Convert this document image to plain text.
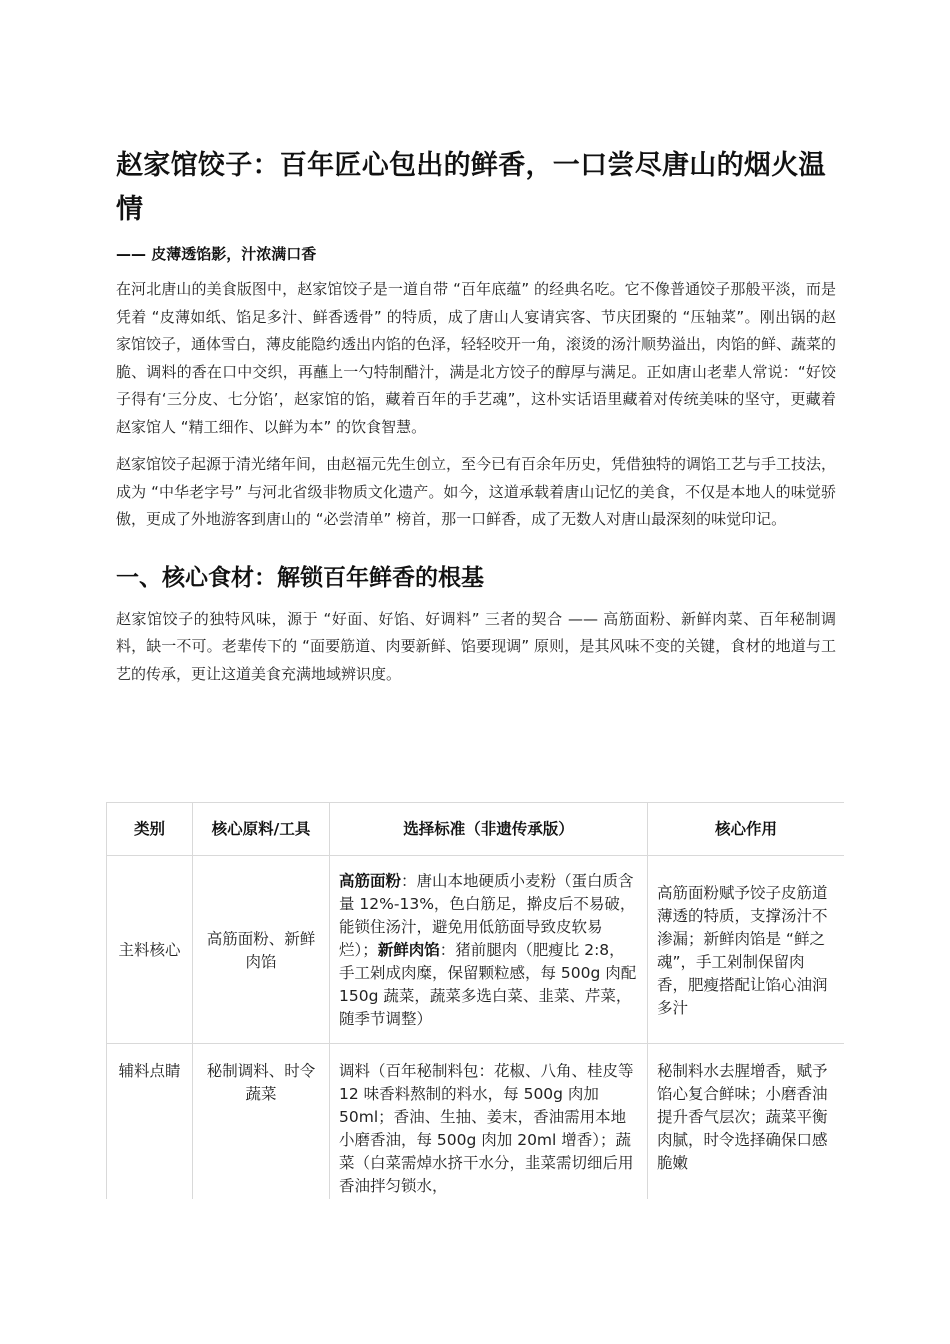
赵家馆饺子：百年匠心包出的鲜香，一口尝尽唐山的烟火温情
—— 皮薄透馅影，汁浓满口香

在河北唐山的美食版图中，赵家馆饺子是一道自带 “百年底蕴” 的经典名吃。它不像普通饺子那般平淡，而是凭着 “皮薄如纸、馅足多汁、鲜香透骨” 的特质，成了唐山人宴请宾客、节庆团聚的 “压轴菜”。刚出锅的赵家馆饺子，通体雪白，薄皮能隐约透出内馅的色泽，轻轻咬开一角，滚烫的汤汁顺势溢出，肉馅的鲜、蔬菜的脆、调料的香在口中交织，再蘸上一勺特制醋汁，满是北方饺子的醇厚与满足。正如唐山老辈人常说：“好饺子得有‘三分皮、七分馅’，赵家馆的馅，藏着百年的手艺魂”，这朴实话语里藏着对传统美味的坚守，更藏着赵家馆人 “精工细作、以鲜为本” 的饮食智慧。

赵家馆饺子起源于清光绪年间，由赵福元先生创立，至今已有百余年历史，凭借独特的调馅工艺与手工技法，成为 “中华老字号” 与河北省级非物质文化遗产。如今，这道承载着唐山记忆的美食，不仅是本地人的味觉骄傲，更成了外地游客到唐山的 “必尝清单” 榜首，那一口鲜香，成了无数人对唐山最深刻的味觉印记。

一、核心食材：解锁百年鲜香的根基

赵家馆饺子的独特风味，源于 “好面、好馅、好调料” 三者的契合 —— 高筋面粉、新鲜肉菜、百年秘制调料，缺一不可。老辈传下的 “面要筋道、肉要新鲜、馅要现调” 原则，是其风味不变的关键，食材的地道与工艺的传承，更让这道美食充满地域辨识度。

类别	核心原料/工具	选择标准（非遗传承版）	核心作用
主料核心	高筋面粉、新鲜肉馅	高筋面粉：唐山本地硬质小麦粉（蛋白质含量 12%-13%，色白筋足，擀皮后不易破，能锁住汤汁，避免用低筋面导致皮软易烂）；新鲜肉馅：猪前腿肉（肥瘦比 2:8，手工剁成肉糜，保留颗粒感，每 500g 肉配 150g 蔬菜，蔬菜多选白菜、韭菜、芹菜，随季节调整）	高筋面粉赋予饺子皮筋道薄透的特质，支撑汤汁不渗漏；新鲜肉馅是 “鲜之魂”，手工剁制保留肉香，肥瘦搭配让馅心油润多汁
辅料点睛	秘制调料、时令蔬菜	调料（百年秘制料包：花椒、八角、桂皮等 12 味香料熬制的料水，每 500g 肉加 50ml；香油、生抽、姜末，香油需用本地小磨香油，每 500g 肉加 20ml 增香）；蔬菜（白菜需焯水挤干水分，韭菜需切细后用香油拌匀锁水，	秘制料水去腥增香，赋予馅心复合鲜味；小磨香油提升香气层次；蔬菜平衡肉腻，时令选择确保口感脆嫩
